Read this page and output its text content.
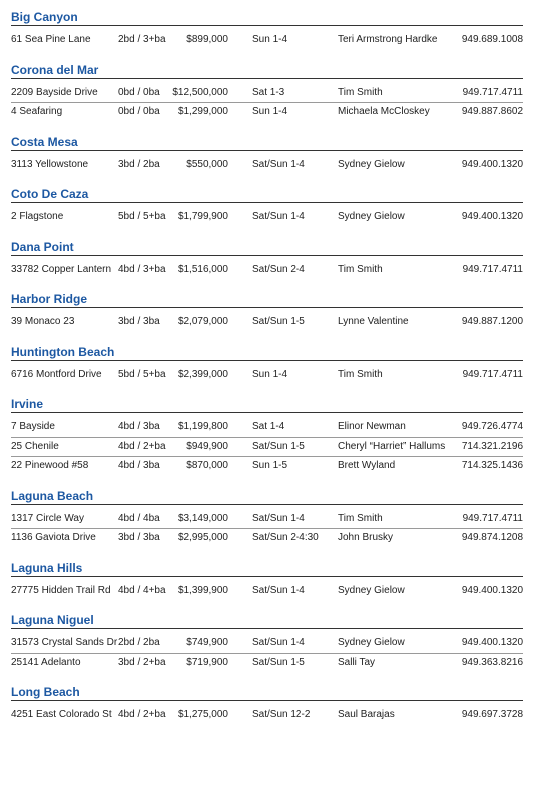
Big Canyon
61 Sea Pine Lane	2bd / 3+ba	$899,000 Sun 1-4	Teri Armstrong Hardke 949.689.1008
Corona del Mar
2209 Bayside Drive 0bd / 0ba	$12,500,000 Sat 1-3	Tim Smith	949.717.4711
4 Seafaring	0bd / 0ba	$1,299,000 Sun 1-4	Michaela McCloskey	949.887.8602
Costa Mesa
3113 Yellowstone	3bd / 2ba	$550,000 Sat/Sun 1-4	Sydney Gielow	949.400.1320
Coto De Caza
2 Flagstone	5bd / 5+ba	$1,799,900 Sat/Sun 1-4	Sydney Gielow	949.400.1320
Dana Point
33782 Copper Lantern 4bd / 3+ba	$1,516,000 Sat/Sun 2-4	Tim Smith	949.717.4711
Harbor Ridge
39 Monaco 23	3bd / 3ba	$2,079,000 Sat/Sun 1-5	Lynne Valentine	949.887.1200
Huntington Beach
6716 Montford Drive 5bd / 5+ba	$2,399,000 Sun 1-4	Tim Smith	949.717.4711
Irvine
7 Bayside	4bd / 3ba	$1,199,800 Sat 1-4	Elinor Newman	949.726.4774
25 Chenile	4bd / 2+ba	$949,900 Sat/Sun 1-5	Cheryl “Harriet” Hallums 714.321.2196
22 Pinewood #58	4bd / 3ba	$870,000 Sun 1-5	Brett Wyland	714.325.1436
Laguna Beach
1317 Circle Way	4bd / 4ba	$3,149,000 Sat/Sun 1-4	Tim Smith	949.717.4711
1136 Gaviota Drive 3bd / 3ba	$2,995,000 Sat/Sun 2-4:30 John Brusky	949.874.1208
Laguna Hills
27775 Hidden Trail Rd 4bd / 4+ba	$1,399,900 Sat/Sun 1-4	Sydney Gielow	949.400.1320
Laguna Niguel
31573 Crystal Sands Dr 2bd / 2ba	$749,900 Sat/Sun 1-4	Sydney Gielow	949.400.1320
25141 Adelanto	3bd / 2+ba	$719,900 Sat/Sun 1-5	Salli Tay	949.363.8216
Long Beach
4251 East Colorado St 4bd / 2+ba	$1,275,000 Sat/Sun 12-2	Saul Barajas	949.697.3728
